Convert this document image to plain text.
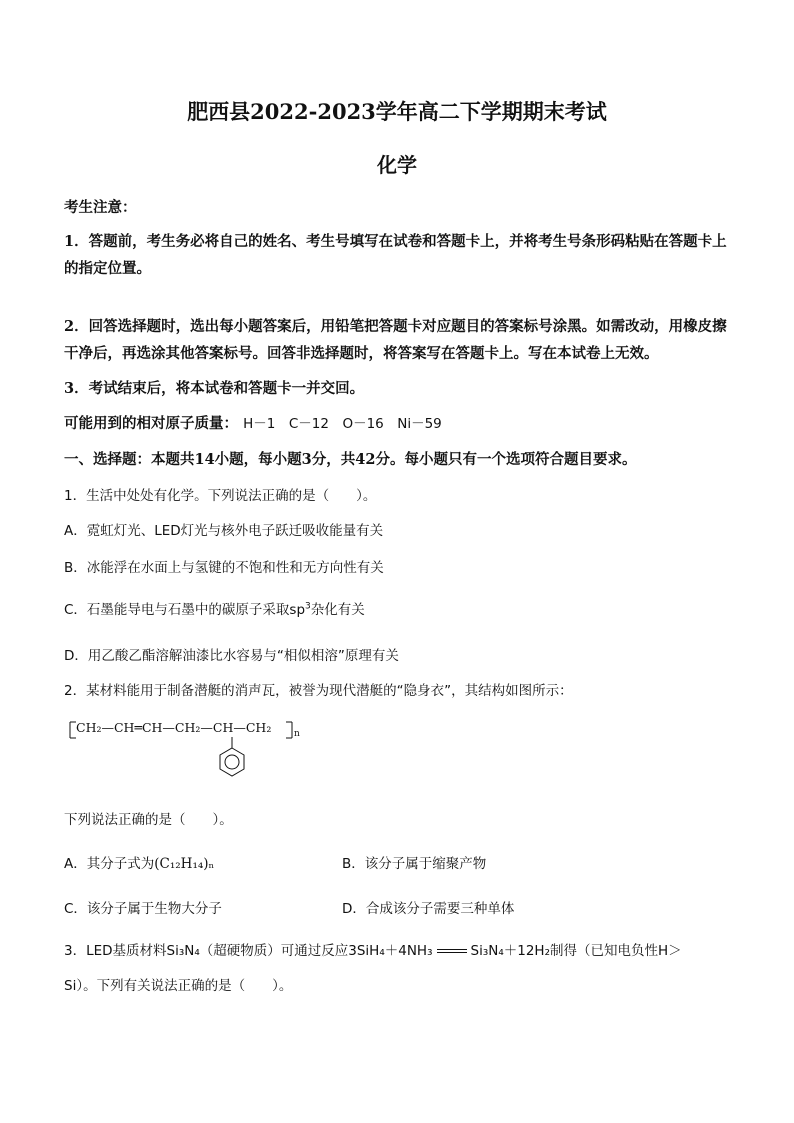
肥西县2022-2023学年高二下学期期末考试
化学
考生注意：
1．答题前，考生务必将自己的姓名、考生号填写在试卷和答题卡上，并将考生号条形码粘贴在答题卡上的指定位置。
2．回答选择题时，选出每小题答案后，用铅笔把答题卡对应题目的答案标号涂黑。如需改动，用橡皮擦干净后，再选涂其他答案标号。回答非选择题时，将答案写在答题卡上。写在本试卷上无效。
3．考试结束后，将本试卷和答题卡一并交回。
可能用到的相对原子质量： H－1　C－12　O－16　Ni－59
一、选择题：本题共14小题，每小题3分，共42分。每小题只有一个选项符合题目要求。
1．生活中处处有化学。下列说法正确的是（　　）。
A．霓虹灯光、LED灯光与核外电子跃迁吸收能量有关
B．冰能浮在水面上与氢键的不饱和性和无方向性有关
C．石墨能导电与石墨中的碳原子采取$sp^3$杂化有关
D．用乙酸乙酯溶解油漆比水容易与“相似相溶”原理有关
2．某材料能用于制备潜艇的消声瓦，被誉为现代潜艇的“隐身衣”，其结构如图所示：
CH₂—CH═CH—CH₂—CH—CH₂	n
下列说法正确的是（　　）。
A．其分子式为(C₁₂H₁₄)ₙ	B．该分子属于缩聚产物
C．该分子属于生物大分子	D．合成该分子需要三种单体
3．LED基质材料Si₃N₄（超硬物质）可通过反应3SiH₄＋4NH₃	Si₃N₄＋12H₂制得（已知电负性H＞
Si）。下列有关说法正确的是（　　）。
